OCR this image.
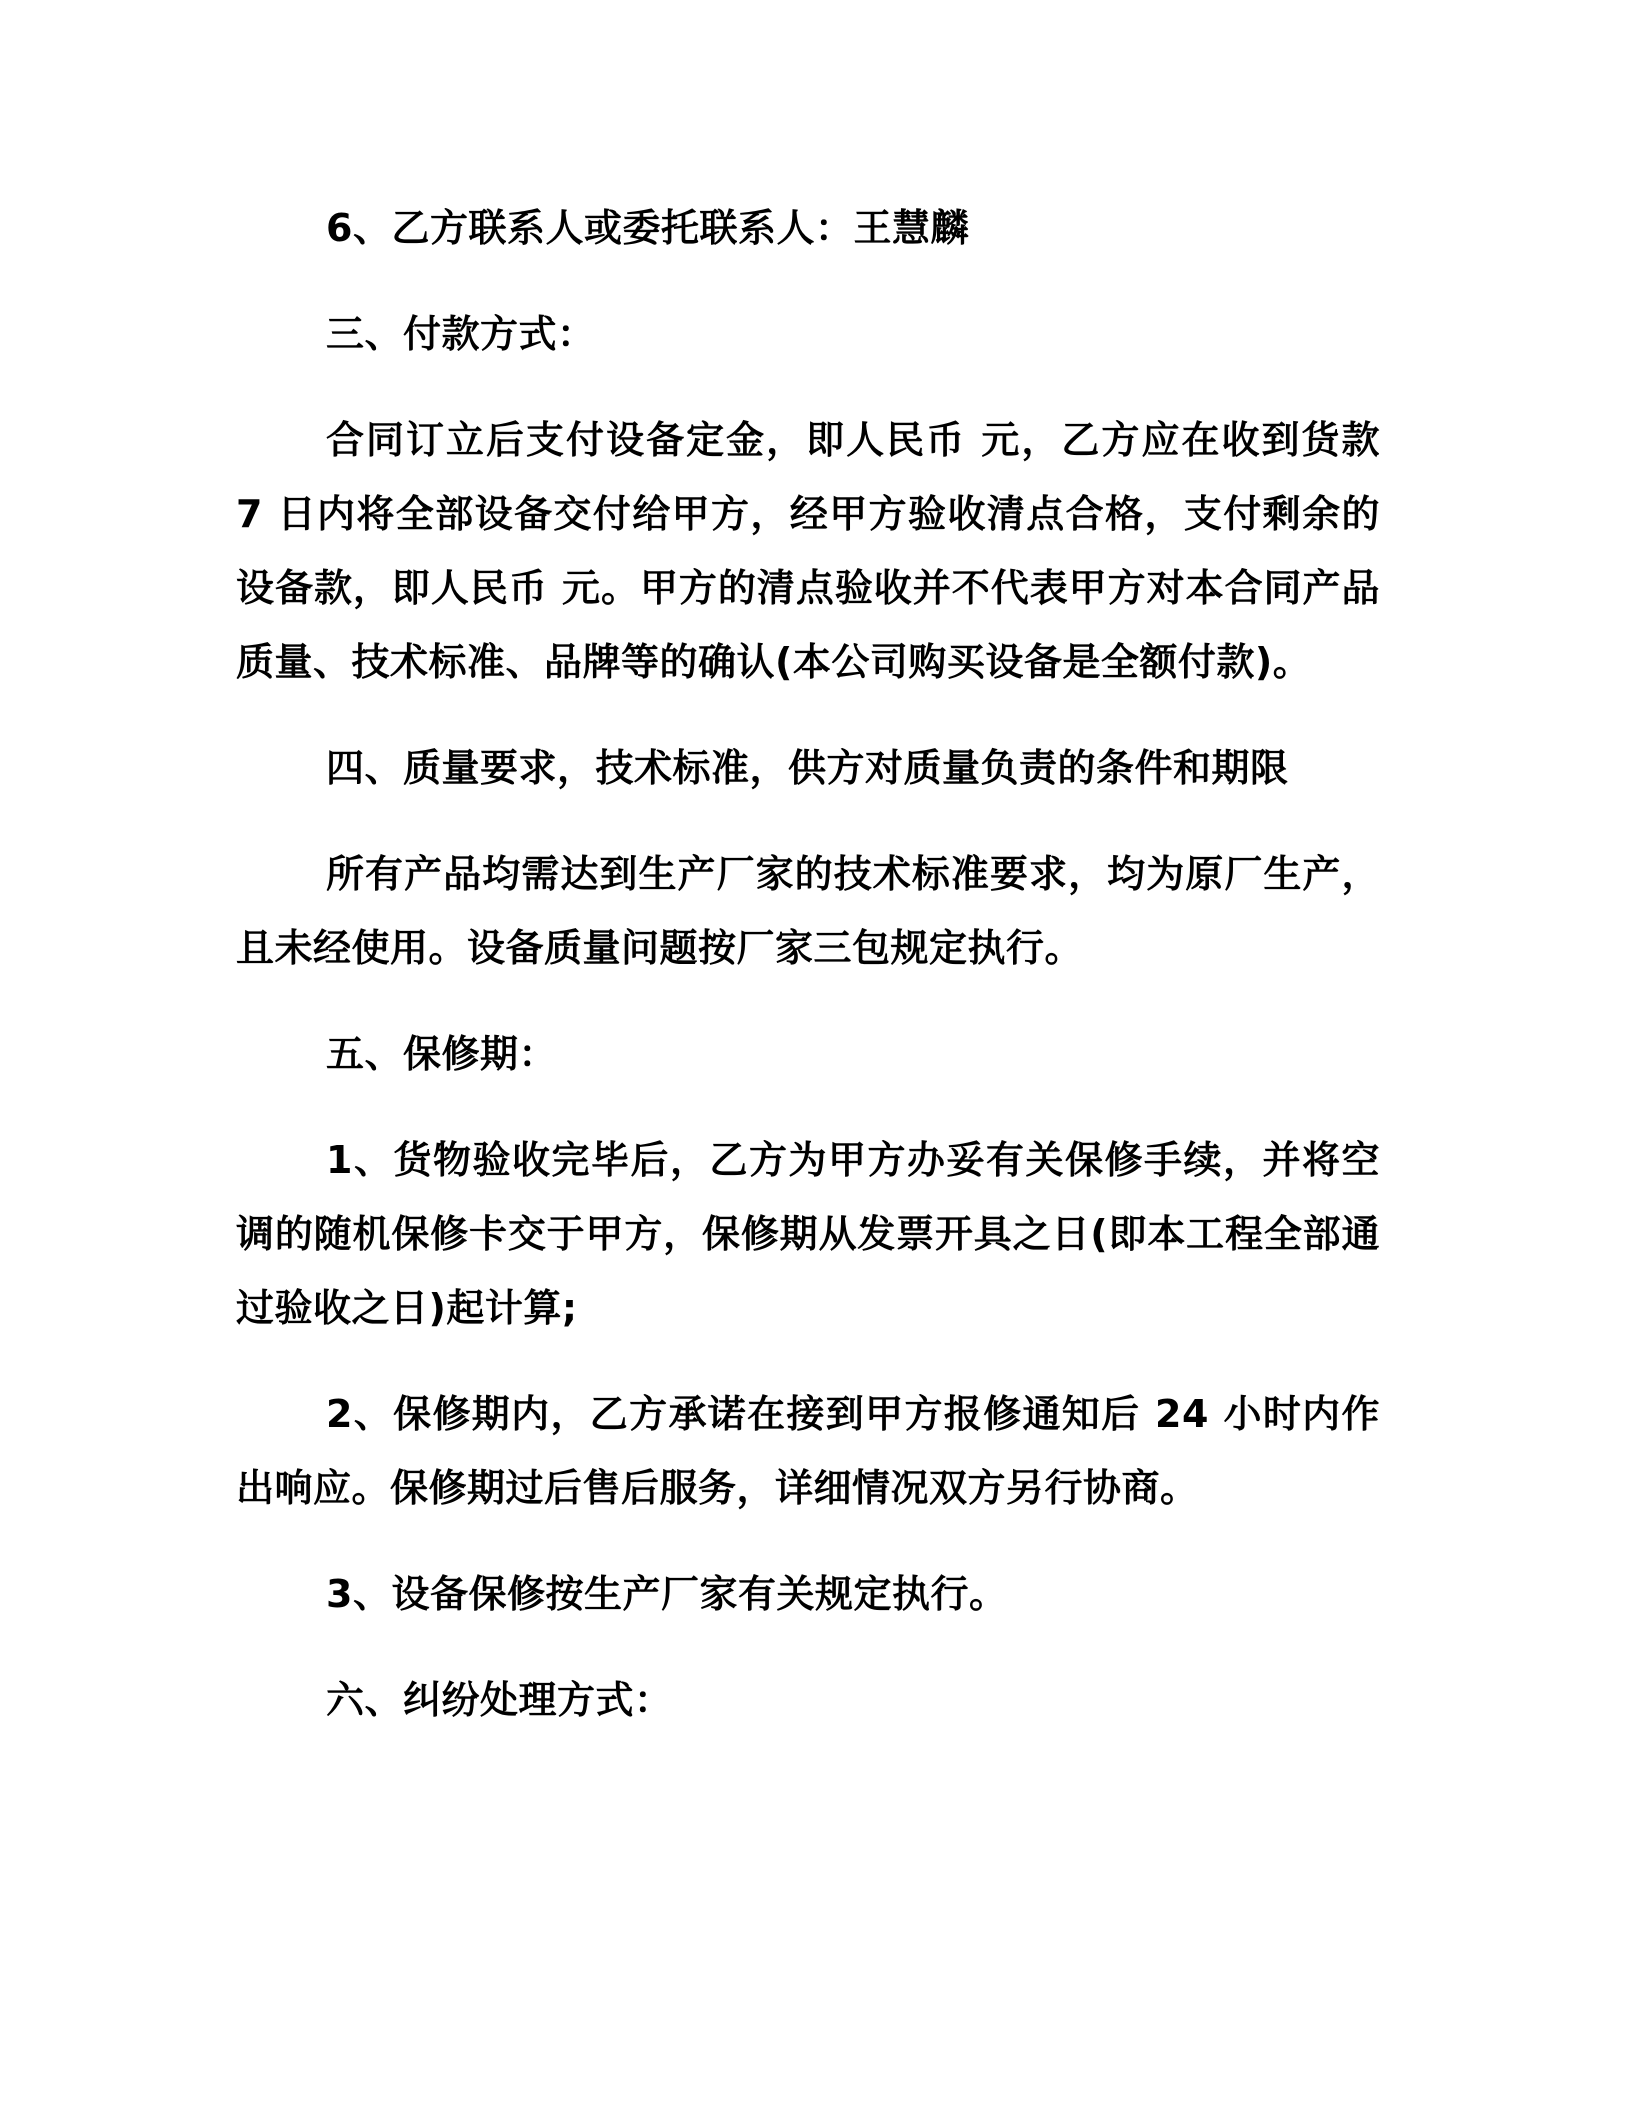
6、乙方联系人或委托联系人：王慧麟

三、付款方式：

合同订立后支付设备定金，即人民币 元，乙方应在收到货款 7 日内将全部设备交付给甲方，经甲方验收清点合格，支付剩余的设备款，即人民币 元。甲方的清点验收并不代表甲方对本合同产品质量、技术标准、品牌等的确认(本公司购买设备是全额付款)。

四、质量要求，技术标准，供方对质量负责的条件和期限

所有产品均需达到生产厂家的技术标准要求，均为原厂生产，且未经使用。设备质量问题按厂家三包规定执行。

五、保修期：

1、货物验收完毕后，乙方为甲方办妥有关保修手续，并将空调的随机保修卡交于甲方，保修期从发票开具之日(即本工程全部通过验收之日)起计算;

2、保修期内，乙方承诺在接到甲方报修通知后 24 小时内作出响应。保修期过后售后服务，详细情况双方另行协商。

3、设备保修按生产厂家有关规定执行。

六、纠纷处理方式：
